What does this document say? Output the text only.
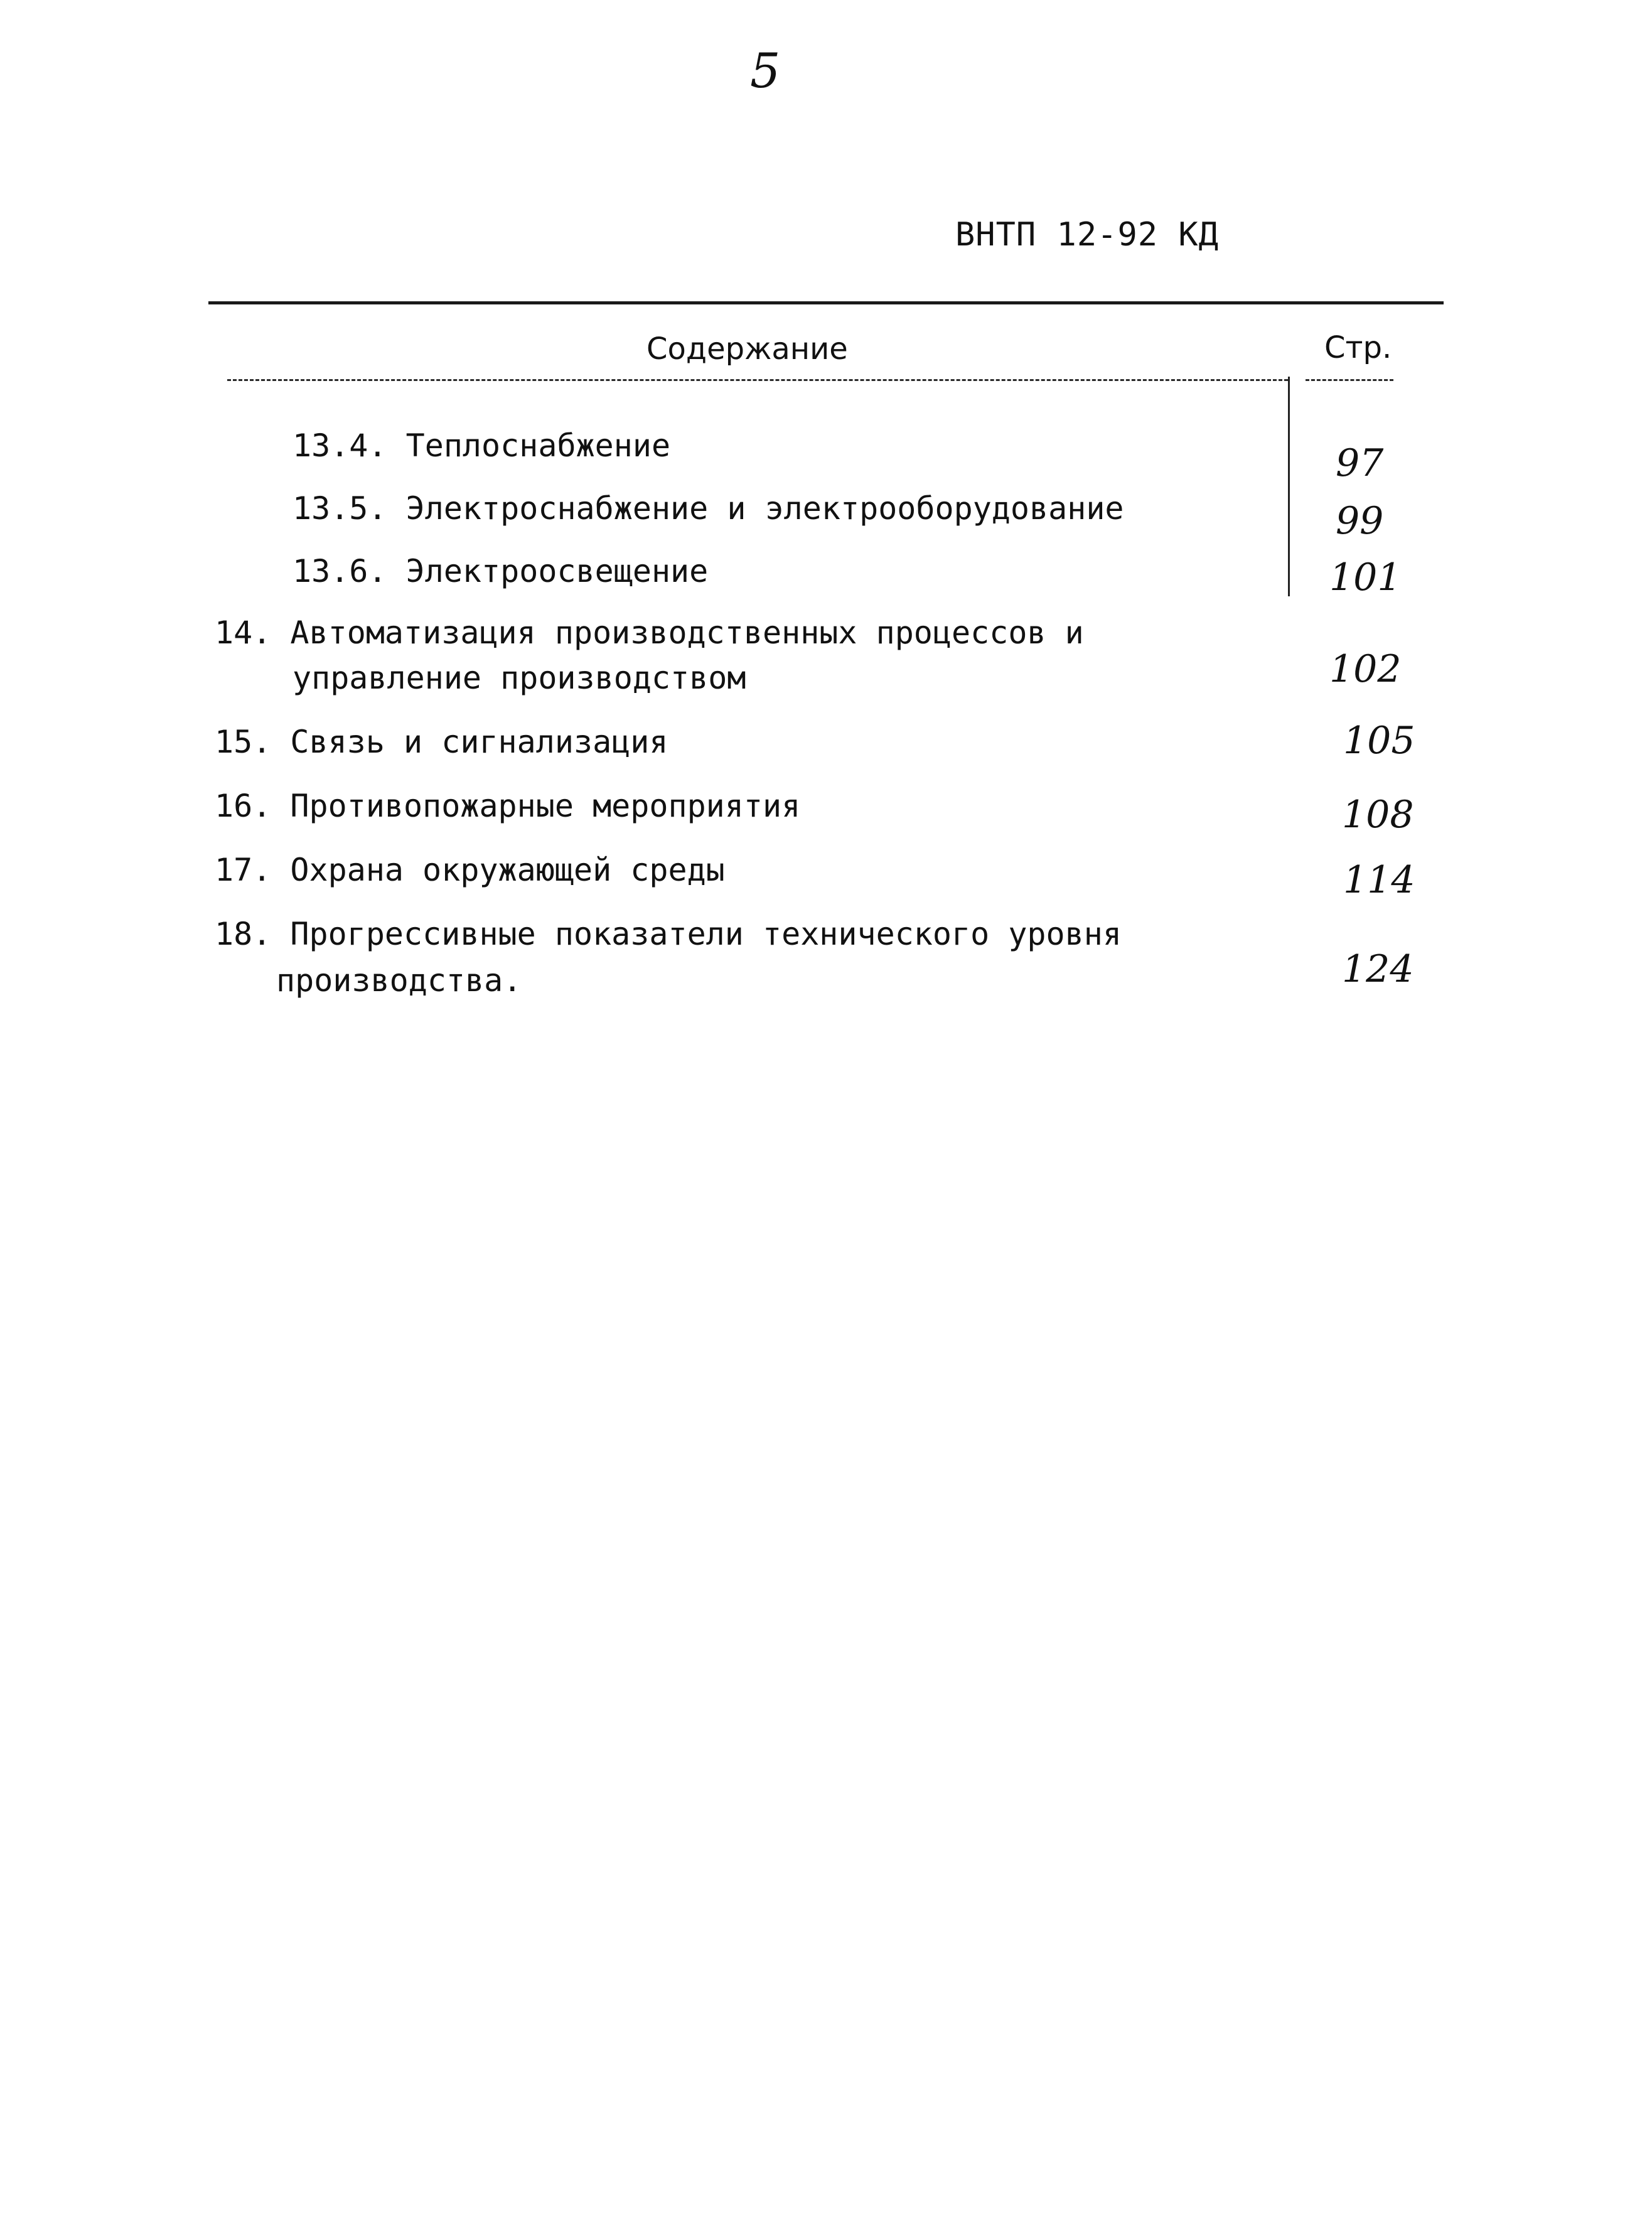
5
ВНТП 12-92 КД
Содержание	Стр.
13.4. Теплоснабжение	97
13.5. Электроснабжение и электрооборудование	99
13.6. Электроосвещение	101
14. Автоматизация производственных процессов и
управление производством	102
15. Связь и сигнализация	105
16. Противопожарные мероприятия	108
17. Охрана окружающей среды	114
18. Прогрессивные показатели технического уровня
производства.	124
